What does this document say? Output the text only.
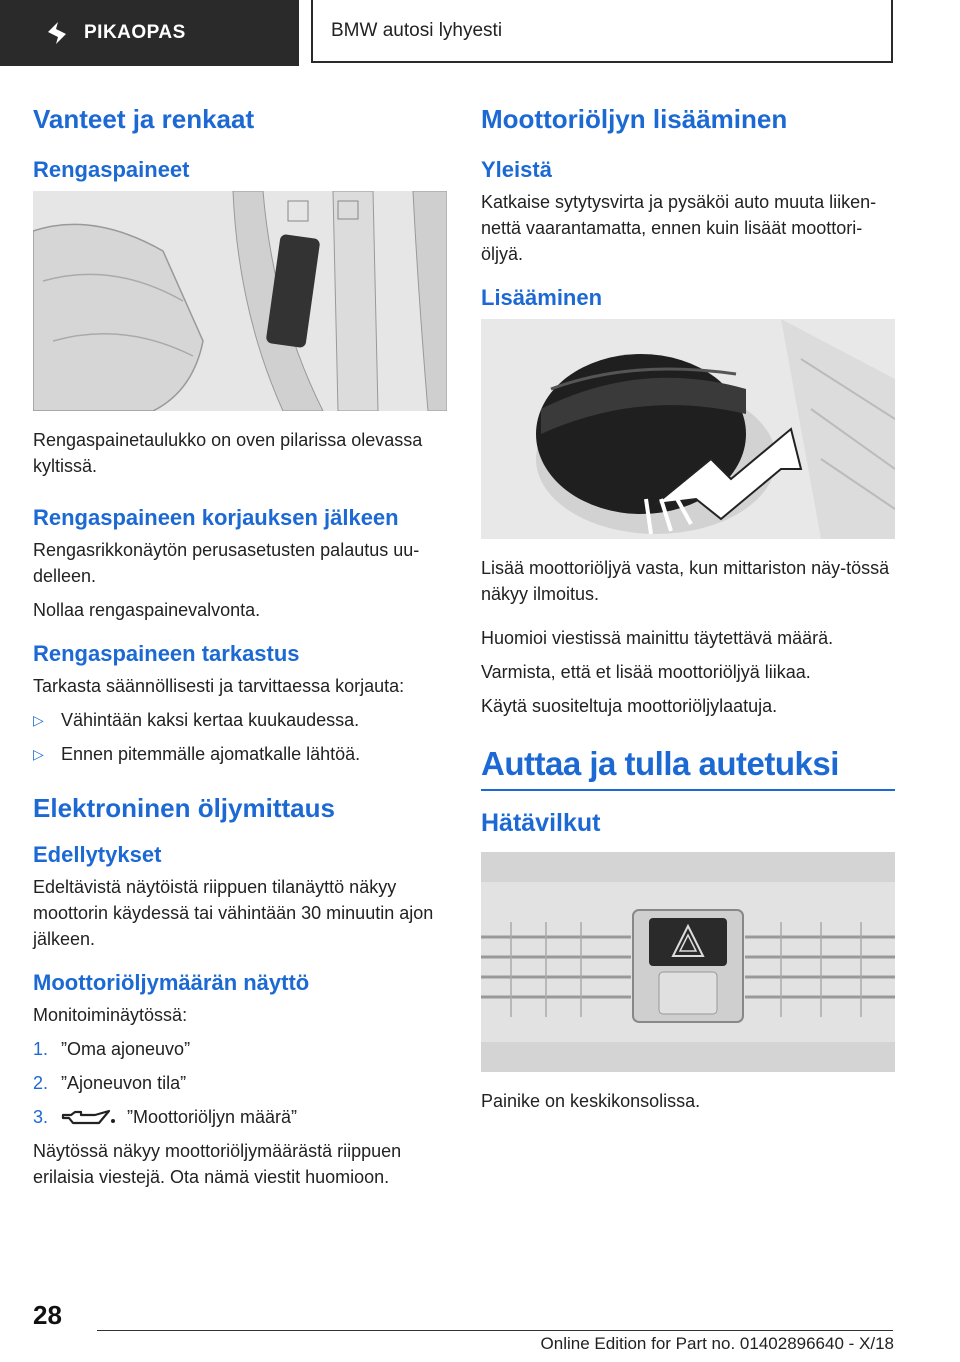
PIKAOPAS	BMW autosi lyhyesti
Vanteet ja renkaat
Rengaspaineet

Rengaspainetaulukko on oven pilarissa olevassa kyltissä.

Rengaspaineen korjauksen jälkeen

Rengasrikkonäytön perusasetusten palautus uu‐delleen.

Nollaa rengaspainevalvonta.

Rengaspaineen tarkastus

Tarkasta säännöllisesti ja tarvittaessa korjauta:

▷ Vähintään kaksi kertaa kuukaudessa.
▷ Ennen pitemmälle ajomatkalle lähtöä.
Elektroninen öljymittaus
Edellytykset

Edeltävistä näytöistä riippuen tilanäyttö näkyy moottorin käydessä tai vähintään 30 minuutin ajon jälkeen.

Moottoriöljymäärän näyttö

Monitoiminäytössä:

1. ”Oma ajoneuvo”
2. ”Ajoneuvon tila”
3.	”Moottoriöljyn määrä”

Näytössä näkyy moottoriöljymäärästä riippuen erilaisia viestejä. Ota nämä viestit huomioon.

Moottoriöljyn lisääminen
Yleistä

Katkaise sytytysvirta ja pysäköi auto muuta liiken‐nettä vaarantamatta, ennen kuin lisäät moottori‐öljyä.

Lisääminen

Lisää moottoriöljyä vasta, kun mittariston näy‐tössä näkyy ilmoitus.

Huomioi viestissä mainittu täytettävä määrä.

Varmista, että et lisää moottoriöljyä liikaa.

Käytä suositeltuja moottoriöljylaatuja.

Auttaa ja tulla autetuksi
Hätävilkut

Painike on keskikonsolissa.

28
Online Edition for Part no. 01402896640 - X/18
